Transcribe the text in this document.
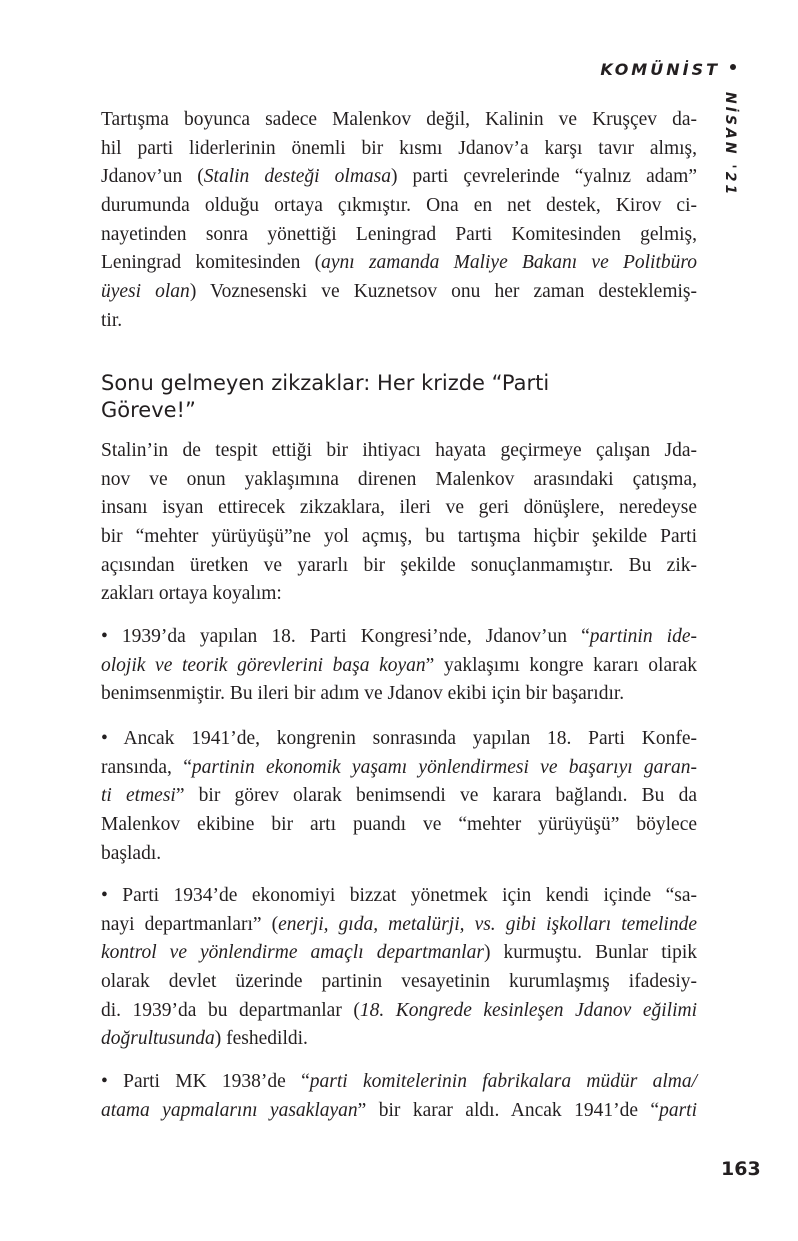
KOMÜNİST
NİSAN '21
Sonu gelmeyen zikzaklar: Her krizde “Parti
Göreve!”
Tartışma boyunca sadece Malenkov değil, Kalinin ve Kruşçev da-
hil parti liderlerinin önemli bir kısmı Jdanov’a karşı tavır almış,
Jdanov’un (Stalin desteği olmasa) parti çevrelerinde “yalnız adam”
durumunda olduğu ortaya çıkmıştır. Ona en net destek, Kirov ci-
nayetinden sonra yönettiği Leningrad Parti Komitesinden gelmiş,
Leningrad komitesinden (aynı zamanda Maliye Bakanı ve Politbüro
üyesi olan) Voznesenski ve Kuznetsov onu her zaman desteklemiş-
tir.
Stalin’in de tespit ettiği bir ihtiyacı hayata geçirmeye çalışan Jda-
nov ve onun yaklaşımına direnen Malenkov arasındaki çatışma,
insanı isyan ettirecek zikzaklara, ileri ve geri dönüşlere, neredeyse
bir “mehter yürüyüşü”ne yol açmış, bu tartışma hiçbir şekilde Parti
açısından üretken ve yararlı bir şekilde sonuçlanmamıştır. Bu zik-
zakları ortaya koyalım:
• 1939’da yapılan 18. Parti Kongresi’nde, Jdanov’un “partinin ide-
olojik ve teorik görevlerini başa koyan” yaklaşımı kongre kararı olarak
benimsenmiştir. Bu ileri bir adım ve Jdanov ekibi için bir başarıdır.
• Ancak 1941’de, kongrenin sonrasında yapılan 18. Parti Konfe-
ransında, “partinin ekonomik yaşamı yönlendirmesi ve başarıyı garan-
ti etmesi” bir görev olarak benimsendi ve karara bağlandı. Bu da
Malenkov ekibine bir artı puandı ve “mehter yürüyüşü” böylece
başladı.
• Parti 1934’de ekonomiyi bizzat yönetmek için kendi içinde “sa-
nayi departmanları” (enerji, gıda, metalürji, vs. gibi işkolları temelinde
kontrol ve yönlendirme amaçlı departmanlar) kurmuştu. Bunlar tipik
olarak devlet üzerinde partinin vesayetinin kurumlaşmış ifadesiy-
di. 1939’da bu departmanlar (18. Kongrede kesinleşen Jdanov eğilimi
doğrultusunda) feshedildi.
• Parti MK 1938’de “parti komitelerinin fabrikalara müdür alma/
atama yapmalarını yasaklayan” bir karar aldı. Ancak 1941’de “parti
163
